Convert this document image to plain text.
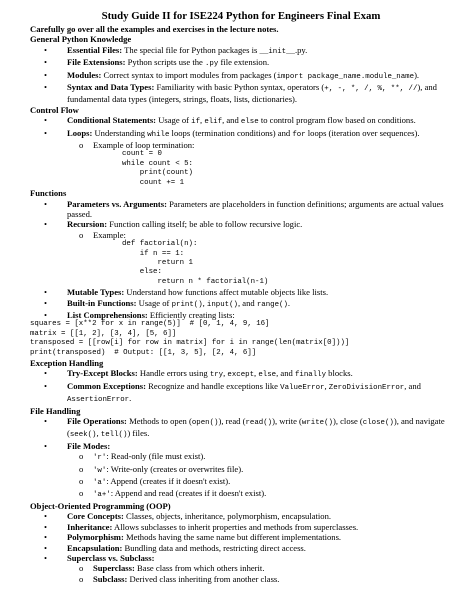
Study Guide II for ISE224 Python for Engineers Final Exam

Carefully go over all the examples and exercises in the lecture notes.

General Python Knowledge

• Essential Files: The special file for Python packages is __init__.py.
• File Extensions: Python scripts use the .py file extension.
• Modules: Correct syntax to import modules from packages (import package_name.module_name).
• Syntax and Data Types: Familiarity with basic Python syntax, operators (+, -, *, /, %, **, //), and fundamental data types (integers, strings, floats, lists, dictionaries).

Control Flow

• Conditional Statements: Usage of if, elif, and else to control program flow based on conditions.
• Loops: Understanding while loops (termination conditions) and for loops (iteration over sequences).
o Example of loop termination:
count = 0
while count < 5:
print(count)
count += 1

Functions

• Parameters vs. Arguments: Parameters are placeholders in function definitions; arguments are actual values passed.
• Recursion: Function calling itself; be able to follow recursive logic.
o Example:
def factorial(n):
if n == 1:
return 1
else:
return n * factorial(n-1)
• Mutable Types: Understand how functions affect mutable objects like lists.
• Built-in Functions: Usage of print(), input(), and range().
• List Comprehensions: Efficiently creating lists:
squares = [x**2 for x in range(5)]  # [0, 1, 4, 9, 16]
matrix = [[1, 2], [3, 4], [5, 6]]
transposed = [[row[i] for row in matrix] for i in range(len(matrix[0]))]
print(transposed)  # Output: [[1, 3, 5], [2, 4, 6]]

Exception Handling

• Try-Except Blocks: Handle errors using try, except, else, and finally blocks.
• Common Exceptions: Recognize and handle exceptions like ValueError, ZeroDivisionError, and AssertionError.

File Handling

• File Operations: Methods to open (open()), read (read()), write (write()), close (close()), and navigate (seek(), tell()) files.
• File Modes:
o 'r': Read-only (file must exist).
o 'w': Write-only (creates or overwrites file).
o 'a': Append (creates if it doesn't exist).
o 'a+': Append and read (creates if it doesn't exist).

Object-Oriented Programming (OOP)

• Core Concepts: Classes, objects, inheritance, polymorphism, encapsulation.
• Inheritance: Allows subclasses to inherit properties and methods from superclasses.
• Polymorphism: Methods having the same name but different implementations.
• Encapsulation: Bundling data and methods, restricting direct access.
• Superclass vs. Subclass:
o Superclass: Base class from which others inherit.
o Subclass: Derived class inheriting from another class.
